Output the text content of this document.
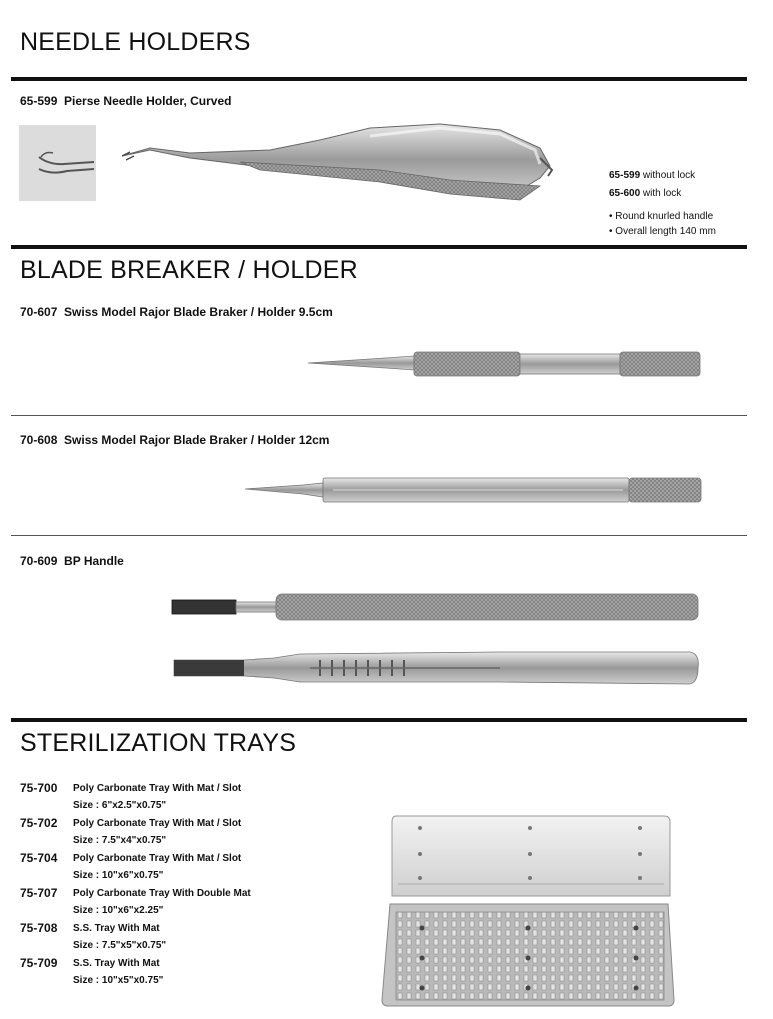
NEEDLE HOLDERS
65-599 Pierse Needle Holder, Curved
65-599 without lock
65-600 with lock
• Round knurled handle
• Overall length 140 mm
BLADE BREAKER / HOLDER
70-607 Swiss Model Rajor Blade Braker / Holder 9.5cm
70-608 Swiss Model Rajor Blade Braker / Holder 12cm
70-609 BP Handle
STERILIZATION TRAYS
75-700 Poly Carbonate Tray With Mat / Slot
Size : 6"x2.5"x0.75"
75-702 Poly Carbonate Tray With Mat / Slot
Size : 7.5"x4"x0.75"
75-704 Poly Carbonate Tray With Mat / Slot
Size : 10"x6"x0.75"
75-707 Poly Carbonate Tray With Double Mat
Size : 10"x6"x2.25"
75-708 S.S. Tray With Mat
Size : 7.5"x5"x0.75"
75-709 S.S. Tray With Mat
Size : 10"x5"x0.75"
